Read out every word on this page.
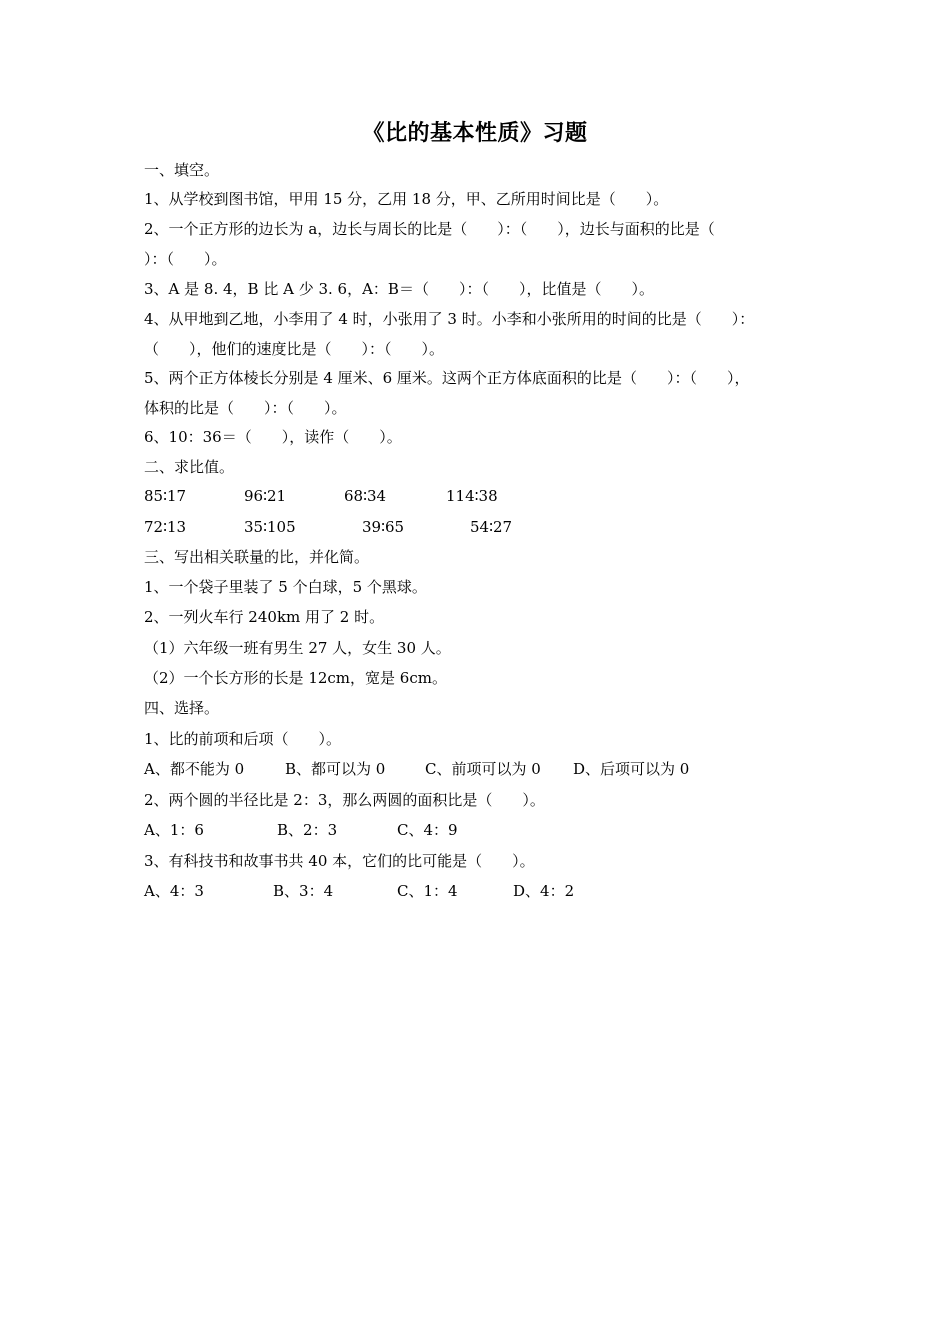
《比的基本性质》习题
一、填空。
1、从学校到图书馆，甲用 15 分，乙用 18 分，甲、乙所用时间比是（　　）。
2、一个正方形的边长为 a，边长与周长的比是（　　）：（　　），边长与面积的比是（
）：（　　）。
3、A 是 8. 4，B 比 A 少 3. 6，A：B＝（　　）：（　　），比值是（　　）。
4、从甲地到乙地，小李用了 4 时，小张用了 3 时。小李和小张所用的时间的比是（　　）：
（　　），他们的速度比是（　　）：（　　）。
5、两个正方体棱长分别是 4 厘米、6 厘米。这两个正方体底面积的比是（　　）：（　　），
体积的比是（　　）：（　　）。
6、10：36＝（　　），读作（　　）。
二、求比值。
85∶17	96∶21	68∶34	114∶38
72∶13	35∶105	39∶65	54∶27
三、写出相关联量的比，并化简。
1、一个袋子里装了 5 个白球，5 个黑球。
2、一列火车行 240km 用了 2 时。
（1）六年级一班有男生 27 人，女生 30 人。
（2）一个长方形的长是 12cm，宽是 6cm。
四、选择。
1、比的前项和后项（　　）。
A、都不能为 0	B、都可以为 0	C、前项可以为 0 D、后项可以为 0
2、两个圆的半径比是 2：3，那么两圆的面积比是（　　）。
A、1：6	B、2：3	C、4：9
3、有科技书和故事书共 40 本，它们的比可能是（　　）。
A、4：3	B、3：4	C、1：4	D、4：2
